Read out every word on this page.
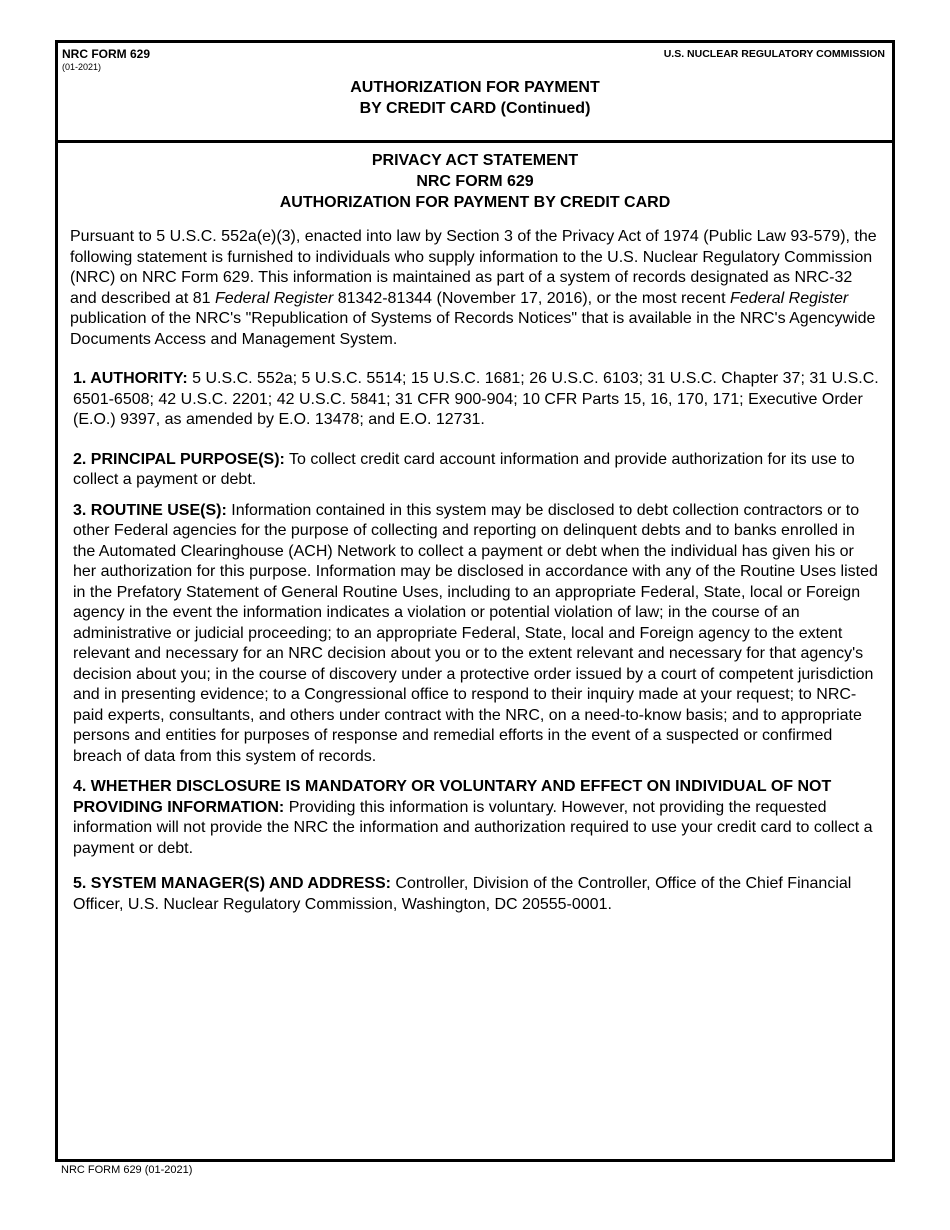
NRC FORM 629
(01-2021)
U.S. NUCLEAR REGULATORY COMMISSION
AUTHORIZATION FOR PAYMENT
BY CREDIT CARD (Continued)
PRIVACY ACT STATEMENT
NRC FORM 629
AUTHORIZATION FOR PAYMENT BY CREDIT CARD
Pursuant to 5 U.S.C. 552a(e)(3), enacted into law by Section 3 of the Privacy Act of 1974 (Public Law 93-579), the following statement is furnished to individuals who supply information to the U.S. Nuclear Regulatory Commission (NRC) on NRC Form 629. This information is maintained as part of a system of records designated as NRC-32 and described at 81 Federal Register 81342-81344 (November 17, 2016), or the most recent Federal Register publication of the NRC's "Republication of Systems of Records Notices" that is available in the NRC's Agencywide Documents Access and Management System.
1. AUTHORITY: 5 U.S.C. 552a; 5 U.S.C. 5514; 15 U.S.C. 1681; 26 U.S.C. 6103; 31 U.S.C. Chapter 37; 31 U.S.C. 6501-6508; 42 U.S.C. 2201; 42 U.S.C. 5841; 31 CFR 900-904; 10 CFR Parts 15, 16, 170, 171; Executive Order (E.O.) 9397, as amended by E.O. 13478; and E.O. 12731.
2. PRINCIPAL PURPOSE(S): To collect credit card account information and provide authorization for its use to collect a payment or debt.
3. ROUTINE USE(S): Information contained in this system may be disclosed to debt collection contractors or to other Federal agencies for the purpose of collecting and reporting on delinquent debts and to banks enrolled in the Automated Clearinghouse (ACH) Network to collect a payment or debt when the individual has given his or her authorization for this purpose. Information may be disclosed in accordance with any of the Routine Uses listed in the Prefatory Statement of General Routine Uses, including to an appropriate Federal, State, local or Foreign agency in the event the information indicates a violation or potential violation of law; in the course of an administrative or judicial proceeding; to an appropriate Federal, State, local and Foreign agency to the extent relevant and necessary for an NRC decision about you or to the extent relevant and necessary for that agency's decision about you; in the course of discovery under a protective order issued by a court of competent jurisdiction and in presenting evidence; to a Congressional office to respond to their inquiry made at your request; to NRC-paid experts, consultants, and others under contract with the NRC, on a need-to-know basis; and to appropriate persons and entities for purposes of response and remedial efforts in the event of a suspected or confirmed breach of data from this system of records.
4. WHETHER DISCLOSURE IS MANDATORY OR VOLUNTARY AND EFFECT ON INDIVIDUAL OF NOT PROVIDING INFORMATION: Providing this information is voluntary. However, not providing the requested information will not provide the NRC the information and authorization required to use your credit card to collect a payment or debt.
5. SYSTEM MANAGER(S) AND ADDRESS: Controller, Division of the Controller, Office of the Chief Financial Officer, U.S. Nuclear Regulatory Commission, Washington, DC 20555-0001.
NRC FORM 629 (01-2021)
